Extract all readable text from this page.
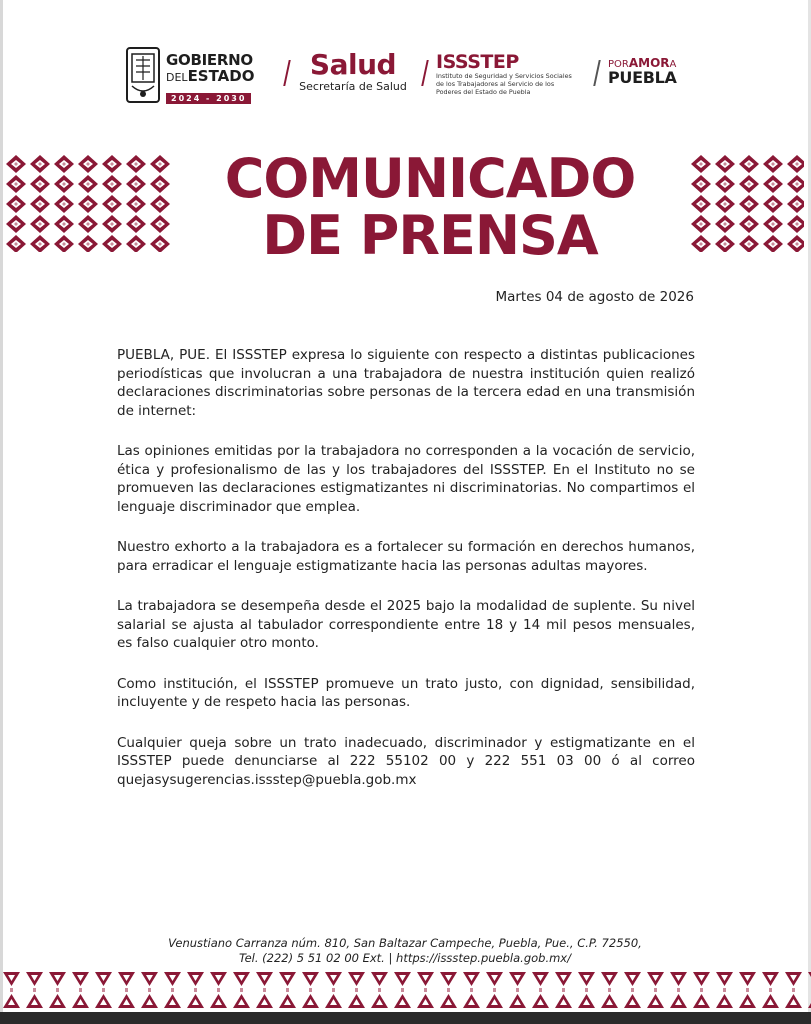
GOBIERNO
DELESTADO
2024 - 2030
Salud
Secretaría de Salud
ISSSTEP
Instituto de Seguridad y Servicios Sociales
de los Trabajadores al Servicio de los
Poderes del Estado de Puebla
PORAMORA
PUEBLA
COMUNICADO
DE PRENSA
Martes 04 de agosto de 2026

PUEBLA, PUE. El ISSSTEP expresa lo siguiente con respecto a distintas publicaciones periodísticas que involucran a una trabajadora de nuestra institución quien realizó declaraciones discriminatorias sobre personas de la tercera edad en una transmisión de internet:

Las opiniones emitidas por la trabajadora no corresponden a la vocación de servicio, ética y profesionalismo de las y los trabajadores del ISSSTEP. En el Instituto no se promueven las declaraciones estigmatizantes ni discriminatorias. No compartimos el lenguaje discriminador que emplea.

Nuestro exhorto a la trabajadora es a fortalecer su formación en derechos humanos, para erradicar el lenguaje estigmatizante hacia las personas adultas mayores.

La trabajadora se desempeña desde el 2025 bajo la modalidad de suplente. Su nivel salarial se ajusta al tabulador correspondiente entre 18 y 14 mil pesos mensuales, es falso cualquier otro monto.

Como institución, el ISSSTEP promueve un trato justo, con dignidad, sensibilidad, incluyente y de respeto hacia las personas.

Cualquier queja sobre un trato inadecuado, discriminador y estigmatizante en el ISSSTEP puede denunciarse al 222 55102 00 y 222 551 03 00 ó al correo quejasysugerencias.issstep@puebla.gob.mx

Venustiano Carranza núm. 810, San Baltazar Campeche, Puebla, Pue., C.P. 72550,
Tel. (222) 5 51 02 00 Ext. | https://issstep.puebla.gob.mx/
